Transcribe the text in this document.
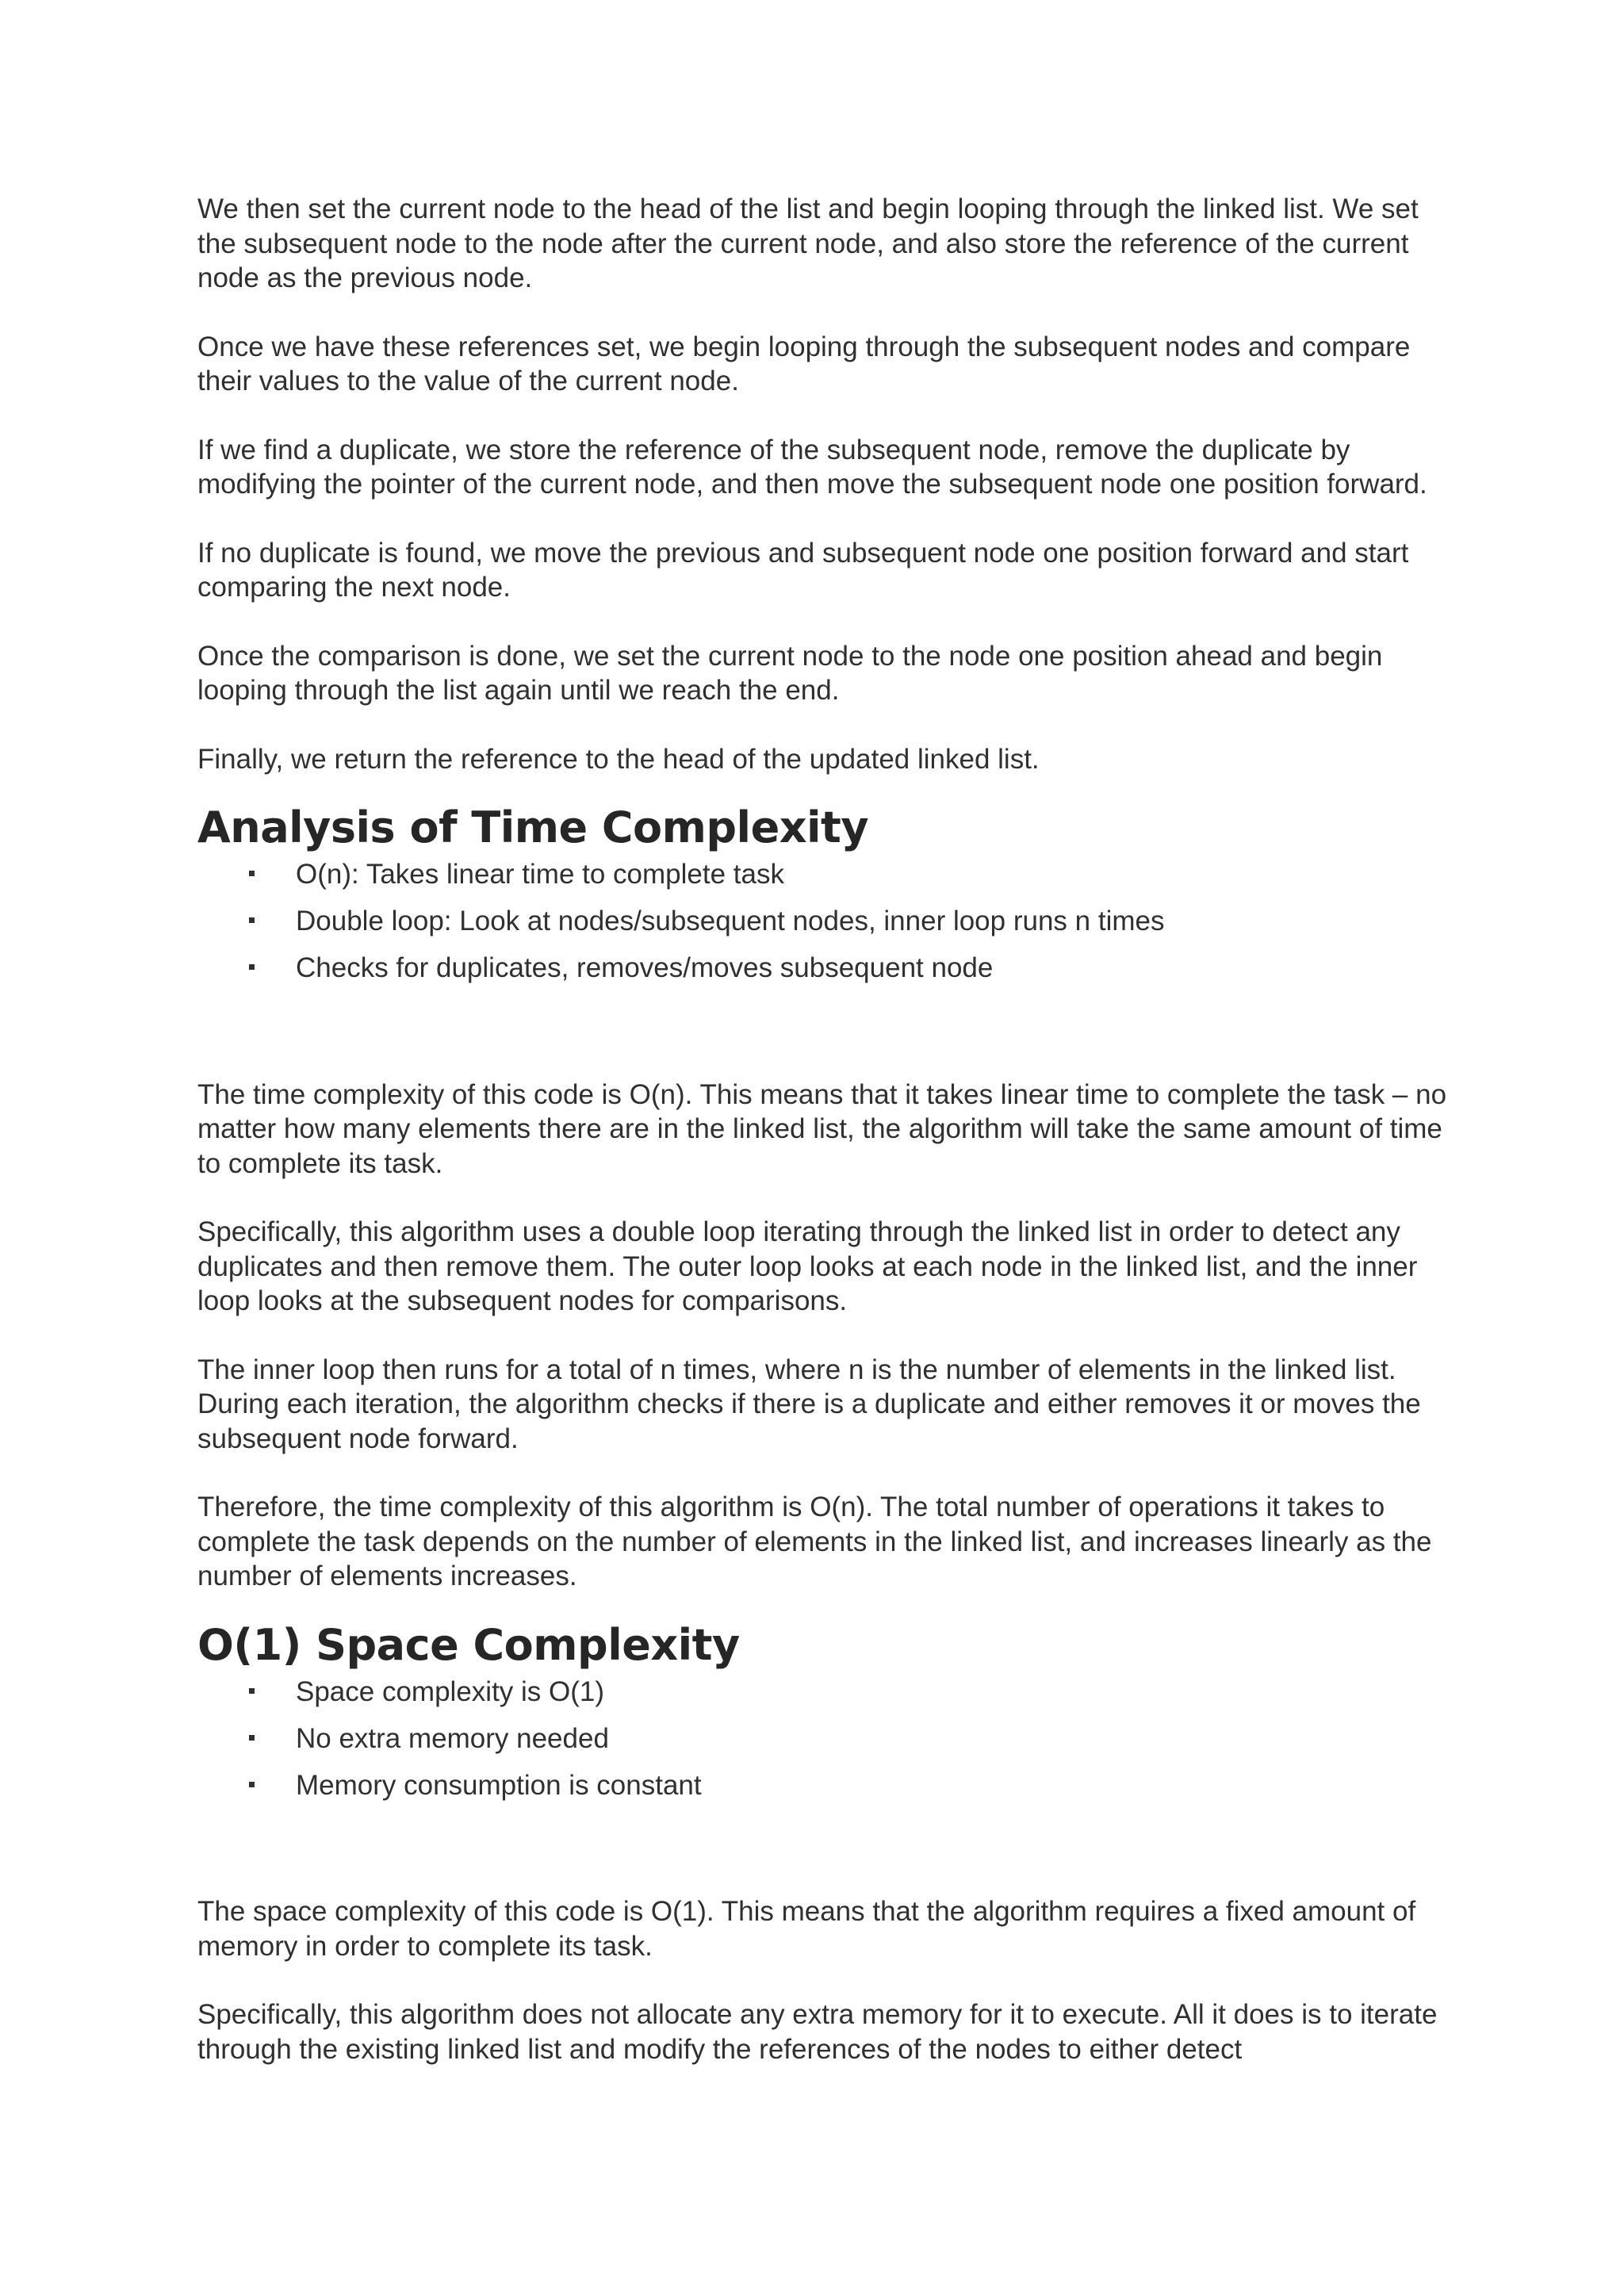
We then set the current node to the head of the list and begin looping through the linked list. We set the subsequent node to the node after the current node, and also store the reference of the current node as the previous node.

Once we have these references set, we begin looping through the subsequent nodes and compare their values to the value of the current node.

If we find a duplicate, we store the reference of the subsequent node, remove the duplicate by modifying the pointer of the current node, and then move the subsequent node one position forward.

If no duplicate is found, we move the previous and subsequent node one position forward and start comparing the next node.

Once the comparison is done, we set the current node to the node one position ahead and begin looping through the list again until we reach the end.

Finally, we return the reference to the head of the updated linked list.

Analysis of Time Complexity
O(n): Takes linear time to complete task
Double loop: Look at nodes/subsequent nodes, inner loop runs n times
Checks for duplicates, removes/moves subsequent node

The time complexity of this code is O(n). This means that it takes linear time to complete the task – no matter how many elements there are in the linked list, the algorithm will take the same amount of time to complete its task.

Specifically, this algorithm uses a double loop iterating through the linked list in order to detect any duplicates and then remove them. The outer loop looks at each node in the linked list, and the inner loop looks at the subsequent nodes for comparisons.

The inner loop then runs for a total of n times, where n is the number of elements in the linked list. During each iteration, the algorithm checks if there is a duplicate and either removes it or moves the subsequent node forward.

Therefore, the time complexity of this algorithm is O(n). The total number of operations it takes to complete the task depends on the number of elements in the linked list, and increases linearly as the number of elements increases.

O(1) Space Complexity
Space complexity is O(1)
No extra memory needed
Memory consumption is constant

The space complexity of this code is O(1). This means that the algorithm requires a fixed amount of memory in order to complete its task.

Specifically, this algorithm does not allocate any extra memory for it to execute. All it does is to iterate through the existing linked list and modify the references of the nodes to either detect
